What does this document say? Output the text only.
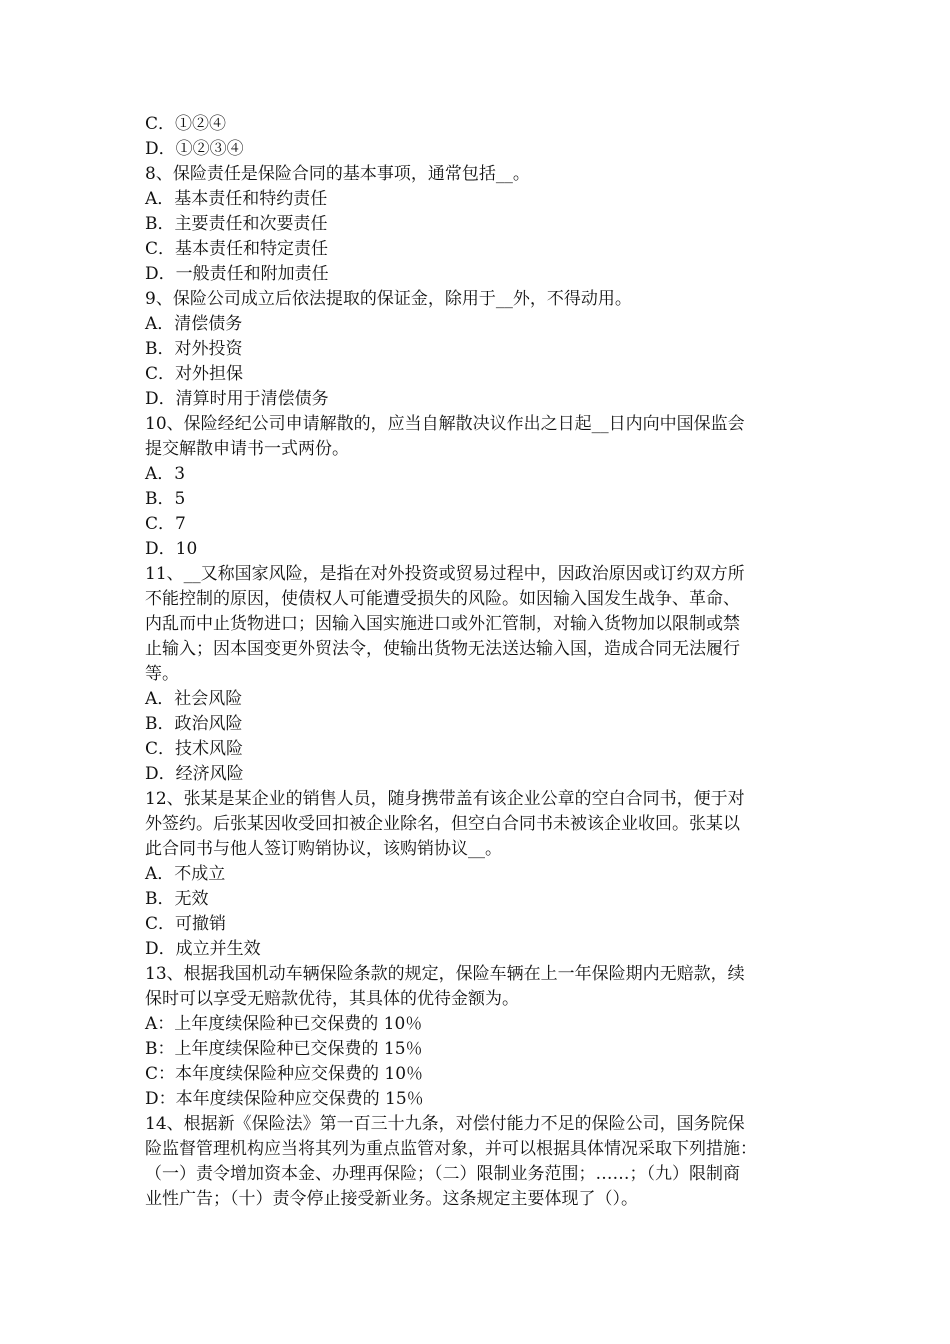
C．①②④
D．①②③④
8、保险责任是保险合同的基本事项，通常包括__。
A．基本责任和特约责任
B．主要责任和次要责任
C．基本责任和特定责任
D．一般责任和附加责任
9、保险公司成立后依法提取的保证金，除用于__外，不得动用。
A．清偿债务
B．对外投资
C．对外担保
D．清算时用于清偿债务
10、保险经纪公司申请解散的，应当自解散决议作出之日起__日内向中国保监会
提交解散申请书一式两份。
A．3
B．5
C．7
D．10
11、__又称国家风险，是指在对外投资或贸易过程中，因政治原因或订约双方所
不能控制的原因，使债权人可能遭受损失的风险。如因输入国发生战争、革命、
内乱而中止货物进口；因输入国实施进口或外汇管制，对输入货物加以限制或禁
止输入；因本国变更外贸法令，使输出货物无法送达输入国，造成合同无法履行
等。
A．社会风险
B．政治风险
C．技术风险
D．经济风险
12、张某是某企业的销售人员，随身携带盖有该企业公章的空白合同书，便于对
外签约。后张某因收受回扣被企业除名，但空白合同书未被该企业收回。张某以
此合同书与他人签订购销协议，该购销协议__。
A．不成立
B．无效
C．可撤销
D．成立并生效
13、根据我国机动车辆保险条款的规定，保险车辆在上一年保险期内无赔款，续
保时可以享受无赔款优待，其具体的优待金额为。
A：上年度续保险种已交保费的 10％
B：上年度续保险种已交保费的 15％
C：本年度续保险种应交保费的 10％
D：本年度续保险种应交保费的 15％
14、根据新《保险法》第一百三十九条，对偿付能力不足的保险公司，国务院保
险监督管理机构应当将其列为重点监管对象，并可以根据具体情况采取下列措施：
（一）责令增加资本金、办理再保险；（二）限制业务范围；……；（九）限制商
业性广告；（十）责令停止接受新业务。这条规定主要体现了（）。
